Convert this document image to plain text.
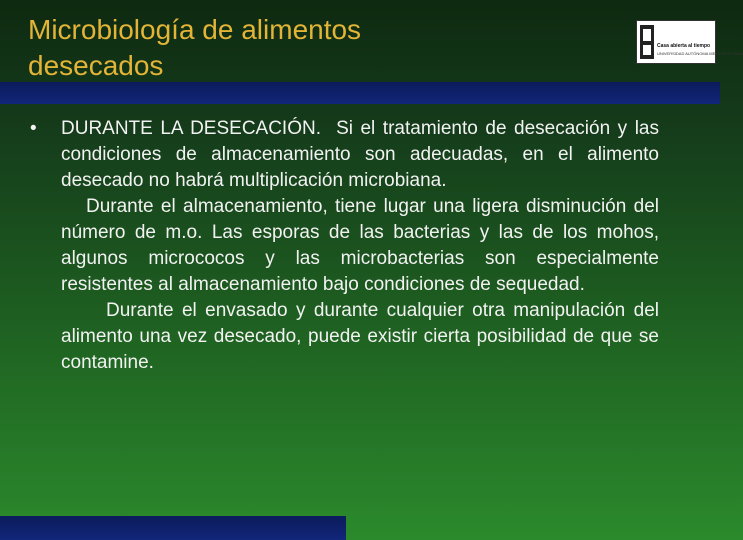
Microbiología de alimentos
desecados
Casa abierta al tiempo
UNIVERSIDAD AUTÓNOMA METROPOLITANA
•	DURANTE LA DESECACIÓN. Si el tratamiento de desecación y las condiciones de almacenamiento son adecuadas, en el alimento desecado no habrá multiplicación microbiana.

Durante el almacenamiento, tiene lugar una ligera disminución del número de m.o. Las esporas de las bacterias y las de los mohos, algunos micrococos y las microbacterias son especialmente resistentes al almacenamiento bajo condiciones de sequedad.

Durante el envasado y durante cualquier otra manipulación del alimento una vez desecado, puede existir cierta posibilidad de que se contamine.
